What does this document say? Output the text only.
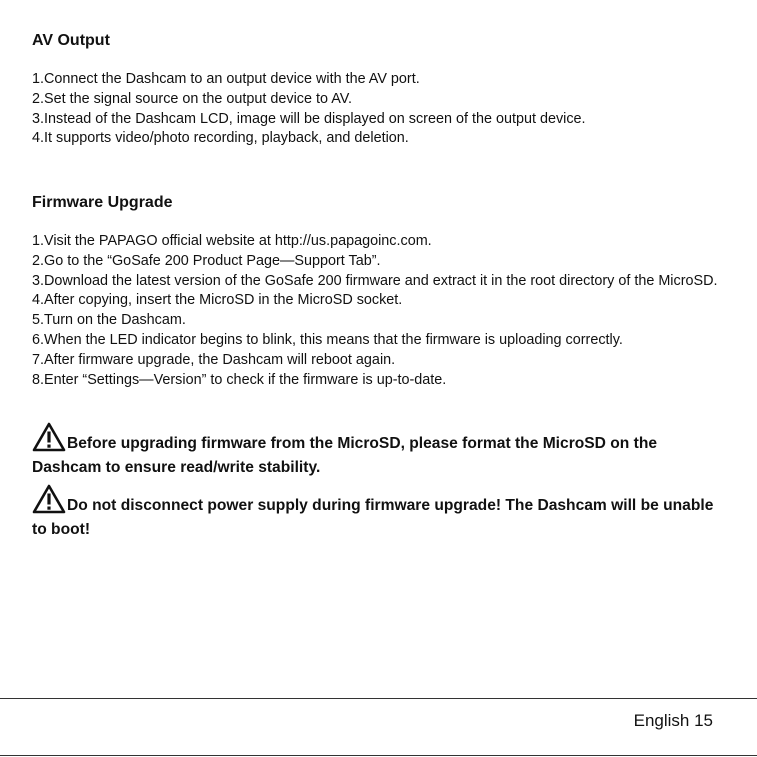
AV Output
1.Connect the Dashcam to an output device with the AV port.
2.Set the signal source on the output device to AV.
3.Instead of the Dashcam LCD, image will be displayed on screen of the output device.
4.It supports video/photo recording, playback, and deletion.
Firmware Upgrade
1.Visit the PAPAGO official website at http://us.papagoinc.com.
2.Go to the “GoSafe 200 Product Page—Support Tab”.
3.Download the latest version of the GoSafe 200 firmware and extract it in the root directory of the MicroSD.
4.After copying, insert the MicroSD in the MicroSD socket.
5.Turn on the Dashcam.
6.When the LED indicator begins to blink, this means that the firmware is uploading correctly.
7.After firmware upgrade, the Dashcam will reboot again.
8.Enter “Settings—Version” to check if the firmware is up-to-date.

Before upgrading firmware from the MicroSD, please format the MicroSD on the Dashcam to ensure read/write stability.

Do not disconnect power supply during firmware upgrade! The Dashcam will be unable to boot!

English 15
